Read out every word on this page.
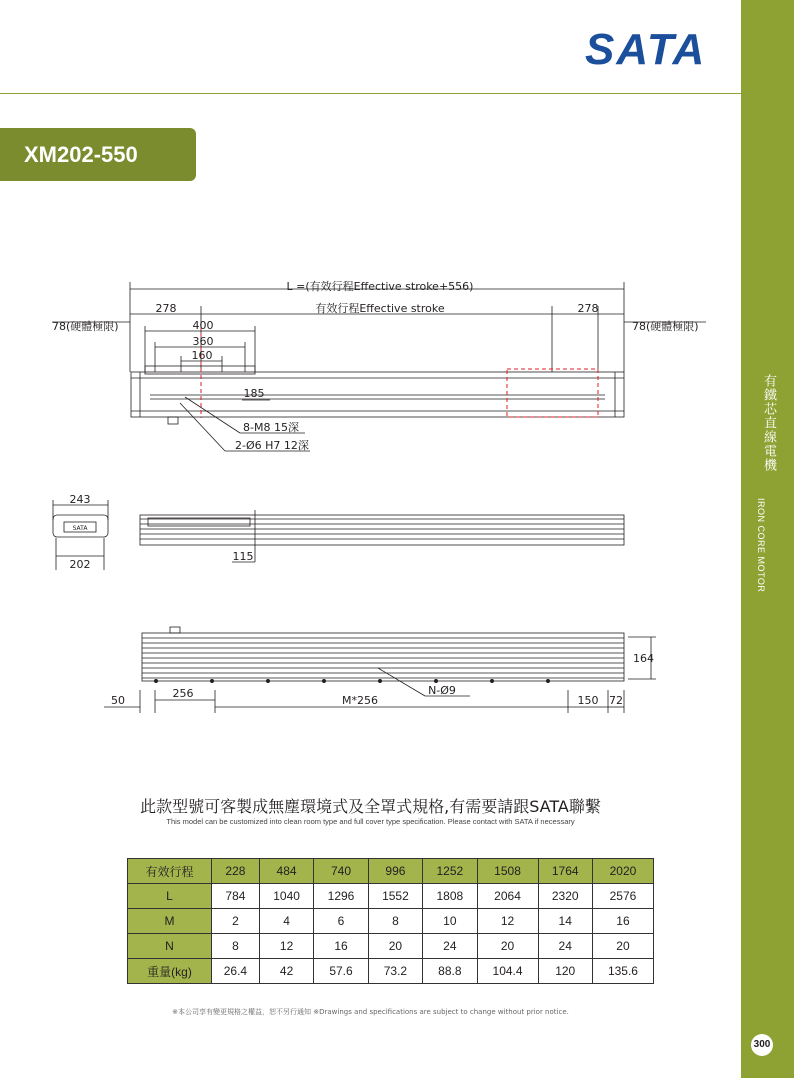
有鐵芯直線電機
IRON CORE MOTOR
300
SATA
XM202-550
L =(有效行程Effective stroke+556)
有效行程Effective stroke
278	278
78(硬體極限)	78(硬體極限)
400
360
160
185
8-M8 15深
2-Ø6 H7 12深
243
202
115
SATA
164
50
256
M*256
N-Ø9
150 72
此款型號可客製成無塵環境式及全罩式規格,有需要請跟SATA聯繫
This model can be customized into clean room type and full cover type specification. Please contact with SATA if necessary
有效行程	228	484	740	996	1252	1508	1764	2020
L	784	1040	1296	1552	1808	2064	2320	2576
M	2	4	6	8	10	12	14	16
N	8	12	16	20	24	20	24	20
重量(kg)	26.4	42	57.6	73.2	88.8	104.4	120	135.6
※本公司享有變更規格之權益，恕不另行通知 ※Drawings and specifications are subject to change without prior notice.
